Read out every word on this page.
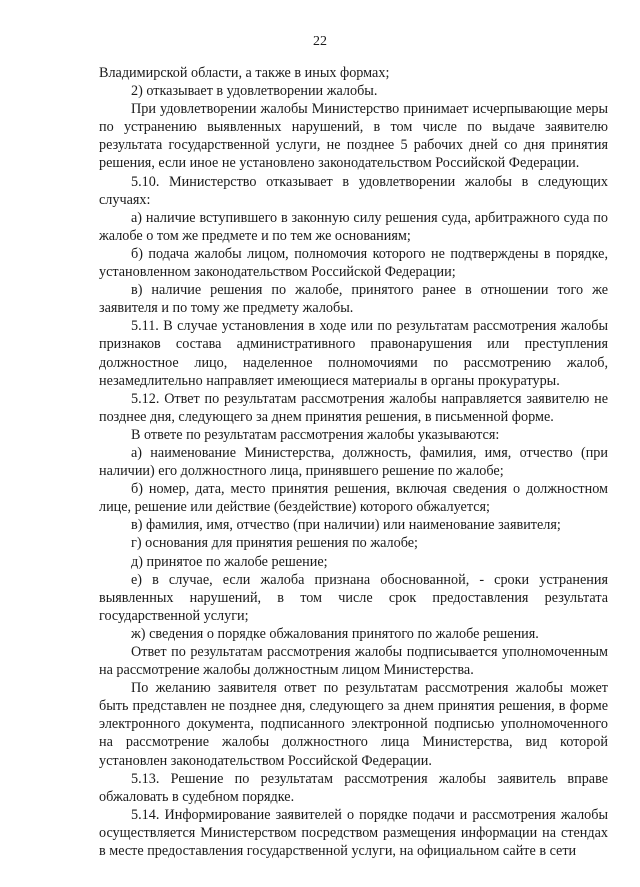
22

Владимирской области, а также в иных формах;

2) отказывает в удовлетворении жалобы.

При удовлетворении жалобы Министерство принимает исчерпывающие меры по устранению выявленных нарушений, в том числе по выдаче заявителю результата государственной услуги, не позднее 5 рабочих дней со дня принятия решения, если иное не установлено законодательством Российской Федерации.

5.10. Министерство отказывает в удовлетворении жалобы в следующих случаях:

а) наличие вступившего в законную силу решения суда, арбитражного суда по жалобе о том же предмете и по тем же основаниям;

б) подача жалобы лицом, полномочия которого не подтверждены в порядке, установленном законодательством Российской Федерации;

в) наличие решения по жалобе, принятого ранее в отношении того же заявителя и по тому же предмету жалобы.

5.11. В случае установления в ходе или по результатам рассмотрения жалобы признаков состава административного правонарушения или преступления должностное лицо, наделенное полномочиями по рассмотрению жалоб, незамедлительно направляет имеющиеся материалы в органы прокуратуры.

5.12. Ответ по результатам рассмотрения жалобы направляется заявителю не позднее дня, следующего за днем принятия решения, в письменной форме.

В ответе по результатам рассмотрения жалобы указываются:

а) наименование Министерства, должность, фамилия, имя, отчество (при наличии) его должностного лица, принявшего решение по жалобе;

б) номер, дата, место принятия решения, включая сведения о должностном лице, решение или действие (бездействие) которого обжалуется;

в) фамилия, имя, отчество (при наличии) или наименование заявителя;

г) основания для принятия решения по жалобе;

д) принятое по жалобе решение;

е) в случае, если жалоба признана обоснованной, - сроки устранения выявленных нарушений, в том числе срок предоставления результата государственной услуги;

ж) сведения о порядке обжалования принятого по жалобе решения.

Ответ по результатам рассмотрения жалобы подписывается уполномоченным на рассмотрение жалобы должностным лицом Министерства.

По желанию заявителя ответ по результатам рассмотрения жалобы может быть представлен не позднее дня, следующего за днем принятия решения, в форме электронного документа, подписанного электронной подписью уполномоченного на рассмотрение жалобы должностного лица Министерства, вид которой установлен законодательством Российской Федерации.

5.13. Решение по результатам рассмотрения жалобы заявитель вправе обжаловать в судебном порядке.

5.14. Информирование заявителей о порядке подачи и рассмотрения жалобы осуществляется Министерством посредством размещения информации на стендах в месте предоставления государственной услуги, на официальном сайте в сети
